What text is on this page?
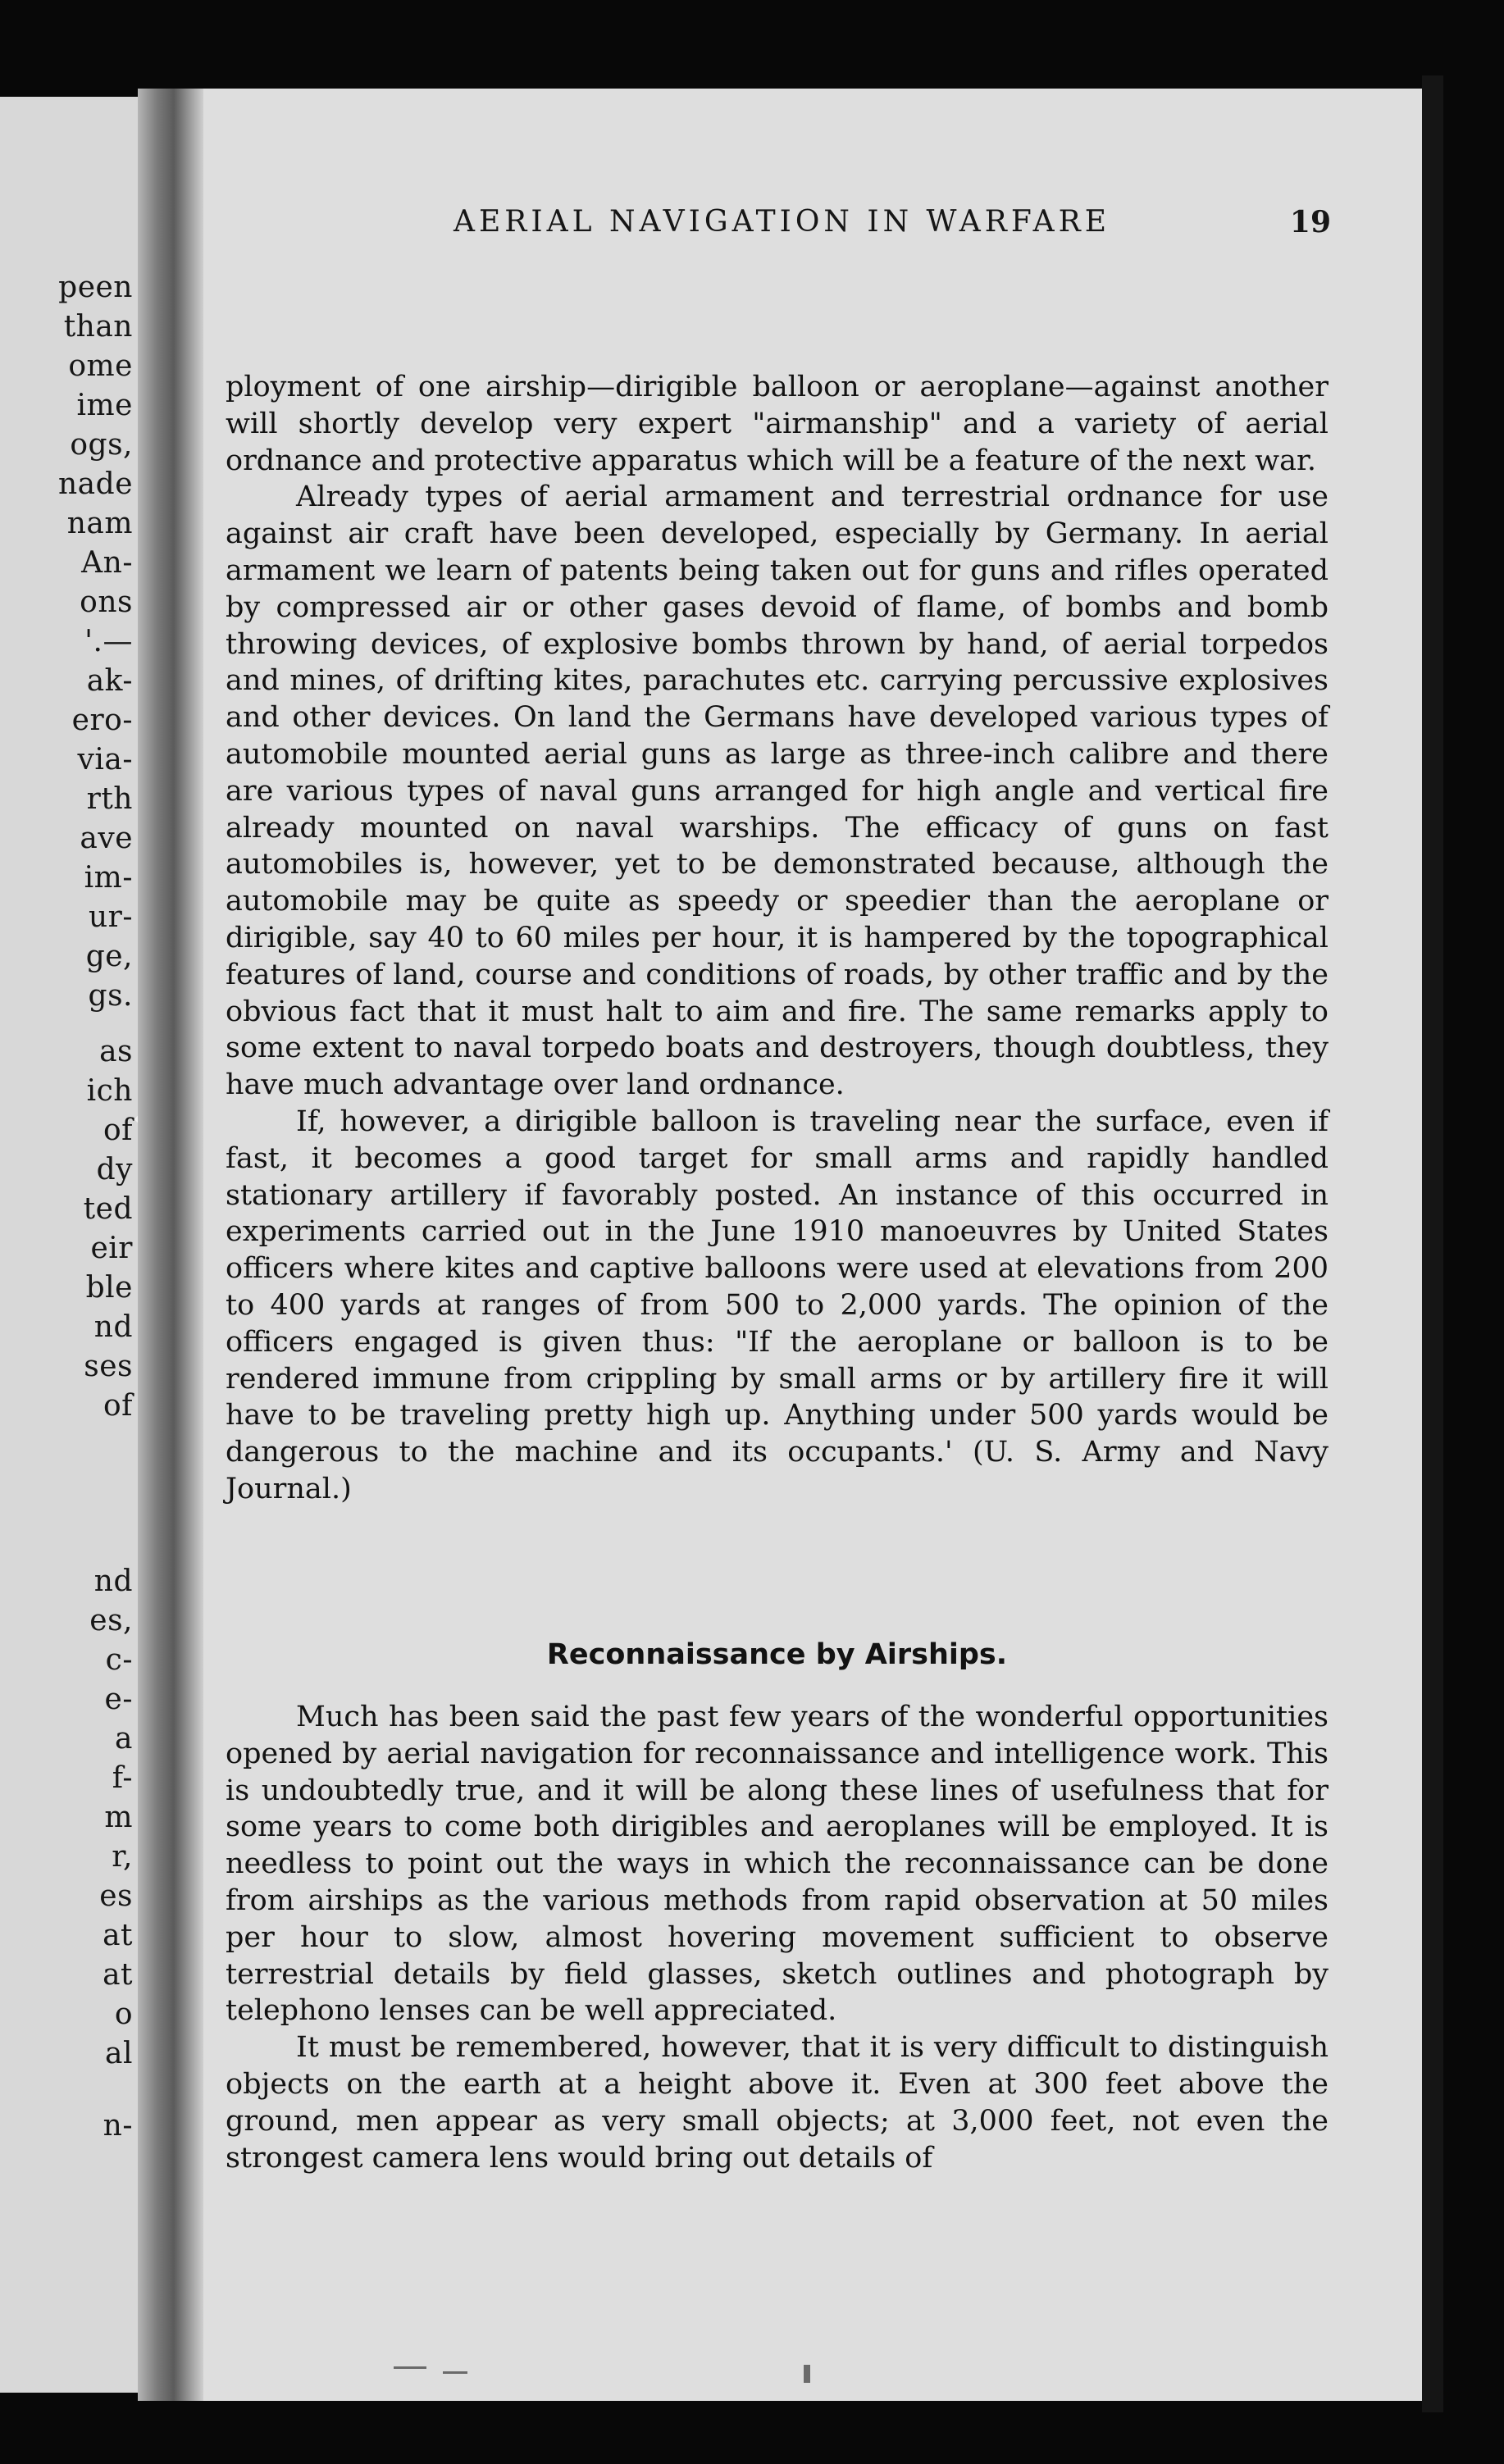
peen
than
ome
ime
ogs,
nade
nam
An-
ons
'.—
ak-
ero-
via-
rth
ave
im-
ur-
ge,
gs.
as
ich
of
dy
ted
eir
ble
nd
ses
of
nd
es,
c-
e-
a
f-
m
r,
es
at
at
o
al
n-
AERIAL NAVIGATION IN WARFARE	19

ployment of one airship—dirigible balloon or aeroplane—against another will shortly develop very expert "airmanship" and a variety of aerial ordnance and protective apparatus which will be a feature of the next war.

Already types of aerial armament and terrestrial ordnance for use against air craft have been developed, especially by Germany. In aerial armament we learn of patents being taken out for guns and rifles operated by compressed air or other gases devoid of flame, of bombs and bomb throwing devices, of explosive bombs thrown by hand, of aerial torpedos and mines, of drifting kites, parachutes etc. carrying percussive explosives and other devices. On land the Germans have developed various types of automobile mounted aerial guns as large as three-inch calibre and there are various types of naval guns arranged for high angle and vertical fire already mounted on naval warships. The efficacy of guns on fast automobiles is, however, yet to be demonstrated because, although the automobile may be quite as speedy or speedier than the aeroplane or dirigible, say 40 to 60 miles per hour, it is hampered by the topographical features of land, course and conditions of roads, by other traffic and by the obvious fact that it must halt to aim and fire. The same remarks apply to some extent to naval torpedo boats and destroyers, though doubtless, they have much advantage over land ordnance.

If, however, a dirigible balloon is traveling near the surface, even if fast, it becomes a good target for small arms and rapidly handled stationary artillery if favorably posted. An instance of this occurred in experiments carried out in the June 1910 manoeuvres by United States officers where kites and captive balloons were used at elevations from 200 to 400 yards at ranges of from 500 to 2,000 yards. The opinion of the officers engaged is given thus: "If the aeroplane or balloon is to be rendered immune from crippling by small arms or by artillery fire it will have to be traveling pretty high up. Anything under 500 yards would be dangerous to the machine and its occupants.' (U. S. Army and Navy Journal.)

Reconnaissance by Airships.

Much has been said the past few years of the wonderful opportunities opened by aerial navigation for reconnaissance and intelligence work. This is undoubtedly true, and it will be along these lines of usefulness that for some years to come both dirigibles and aeroplanes will be employed. It is needless to point out the ways in which the reconnaissance can be done from airships as the various methods from rapid observation at 50 miles per hour to slow, almost hovering movement sufficient to observe terrestrial details by field glasses, sketch outlines and photograph by telephono lenses can be well appreciated.

It must be remembered, however, that it is very difficult to distinguish objects on the earth at a height above it. Even at 300 feet above the ground, men appear as very small objects; at 3,000 feet, not even the strongest camera lens would bring out details of
